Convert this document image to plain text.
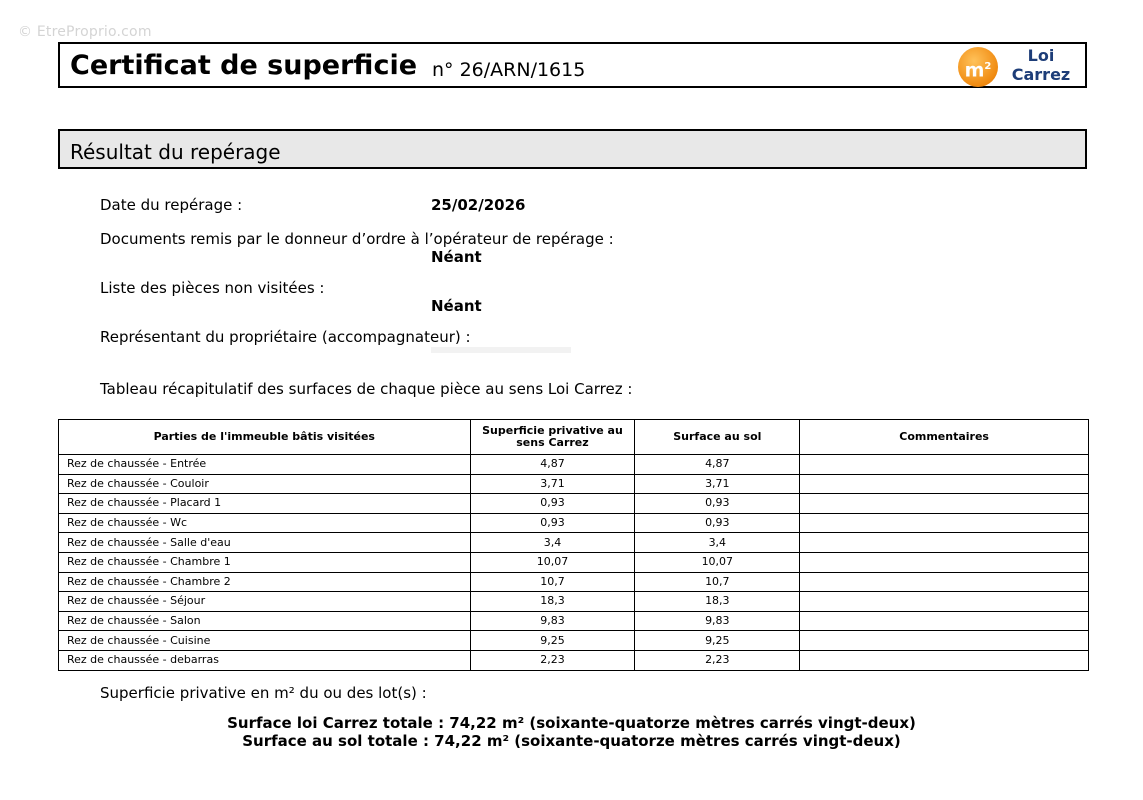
© EtreProprio.com
Certificat de superficie n° 26/ARN/1615	$m^2$
Loi
Carrez
Résultat du repérage
Date du repérage :	25/02/2026
Documents remis par le donneur d’ordre à l’opérateur de repérage :
Néant
Liste des pièces non visitées :
Néant
Représentant du propriétaire (accompagnateur) :
Tableau récapitulatif des surfaces de chaque pièce au sens Loi Carrez :
Parties de l'immeuble bâtis visitées	Superficie privative au sens Carrez	Surface au sol	Commentaires
Rez de chaussée - Entrée	4,87	4,87	
Rez de chaussée - Couloir	3,71	3,71	
Rez de chaussée - Placard 1	0,93	0,93	
Rez de chaussée - Wc	0,93	0,93	
Rez de chaussée - Salle d'eau	3,4	3,4	
Rez de chaussée - Chambre 1	10,07	10,07	
Rez de chaussée - Chambre 2	10,7	10,7	
Rez de chaussée - Séjour	18,3	18,3	
Rez de chaussée - Salon	9,83	9,83	
Rez de chaussée - Cuisine	9,25	9,25	
Rez de chaussée - debarras	2,23	2,23	
Superficie privative en m² du ou des lot(s) :
Surface loi Carrez totale : 74,22 m² (soixante-quatorze mètres carrés vingt-deux)
Surface au sol totale : 74,22 m² (soixante-quatorze mètres carrés vingt-deux)
